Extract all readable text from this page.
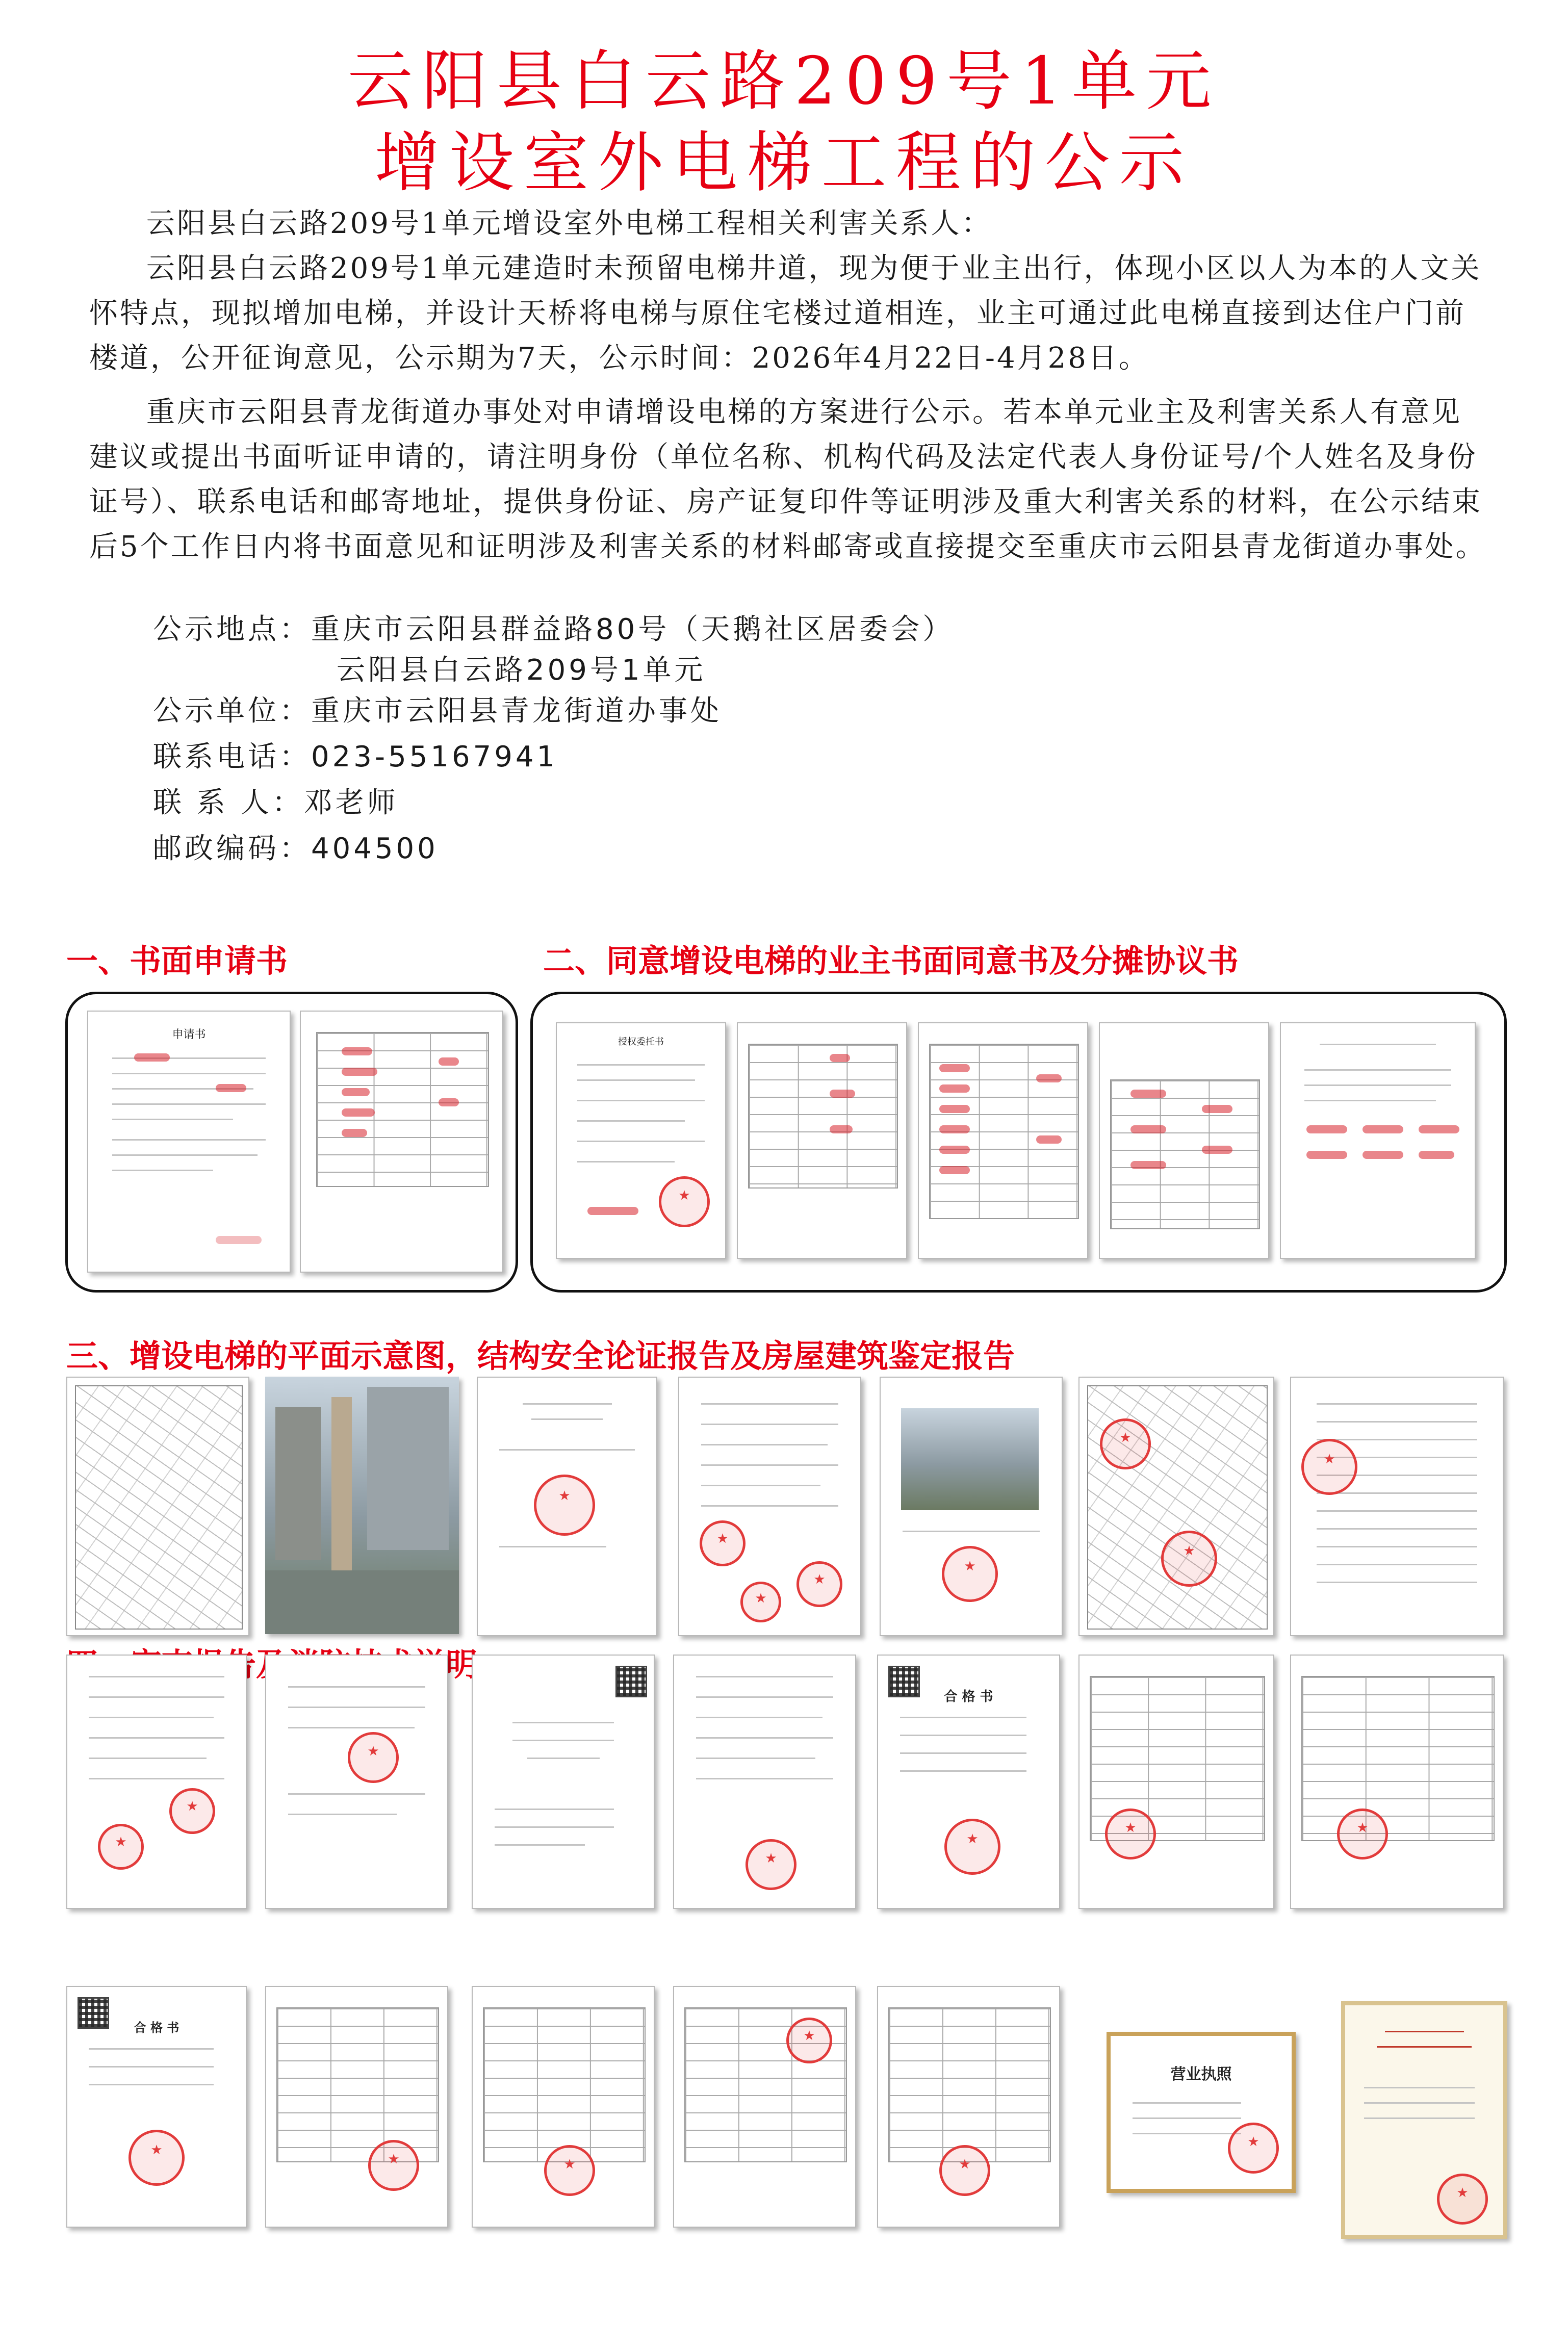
云阳县白云路209号1单元
增设室外电梯工程的公示
云阳县白云路209号1单元增设室外电梯工程相关利害关系人：

云阳县白云路209号1单元建造时未预留电梯井道，现为便于业主出行，体现小区以人为本的人文关怀特点，现拟增加电梯，并设计天桥将电梯与原住宅楼过道相连，业主可通过此电梯直接到达住户门前楼道，公开征询意见，公示期为7天，公示时间：2026年4月22日-4月28日。

重庆市云阳县青龙街道办事处对申请增设电梯的方案进行公示。若本单元业主及利害关系人有意见建议或提出书面听证申请的，请注明身份（单位名称、机构代码及法定代表人身份证号/个人姓名及身份证号）、联系电话和邮寄地址，提供身份证、房产证复印件等证明涉及重大利害关系的材料，在公示结束后5个工作日内将书面意见和证明涉及利害关系的材料邮寄或直接提交至重庆市云阳县青龙街道办事处。

公示地点：重庆市云阳县群益路80号（天鹅社区居委会）
云阳县白云路209号1单元
公示单位：重庆市云阳县青龙街道办事处
联系电话：023-55167941
联 系 人：邓老师
邮政编码：404500
一、书面申请书	二、同意增设电梯的业主书面同意书及分摊协议书
三、增设电梯的平面示意图，结构安全论证报告及房屋建筑鉴定报告
申请书
授权委托书
★
★
★
★
★
★
★
★
★
★
★
★
★
合 格 书
★
★
★
合 格 书
★
★
★
★
★
营业执照
★
★
